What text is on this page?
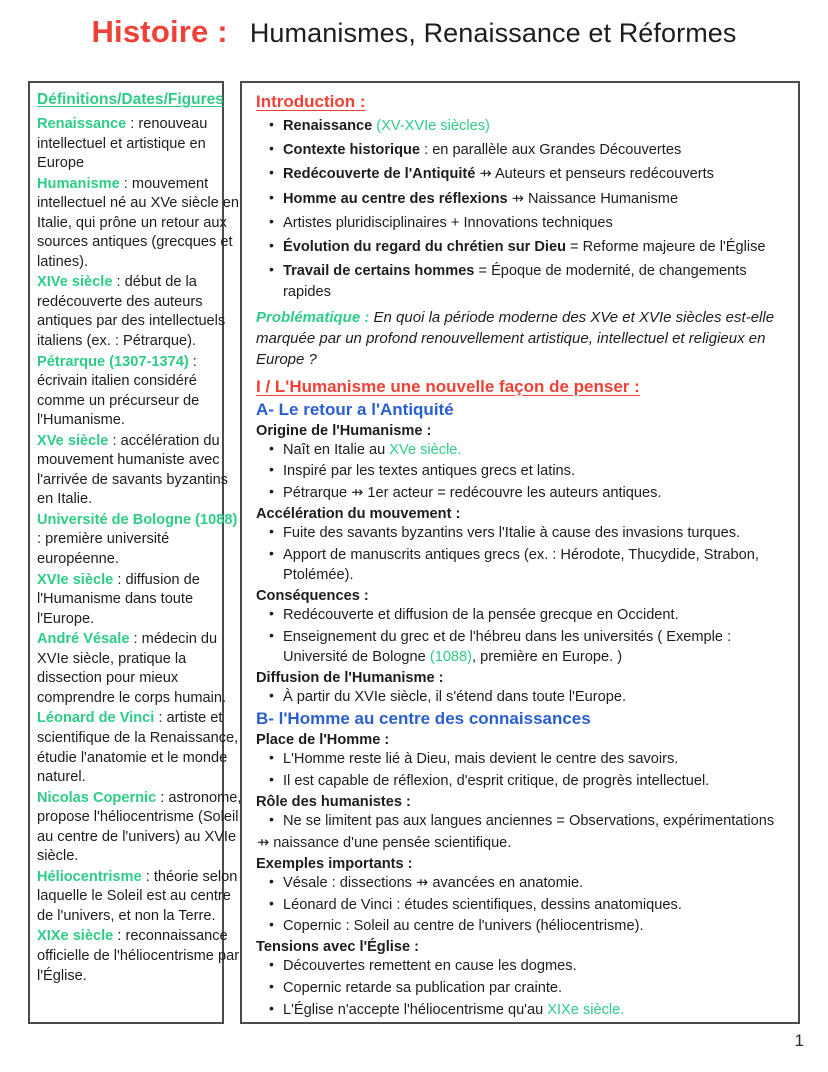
Histoire : Humanismes, Renaissance et Réformes
Définitions/Dates/Figures

Renaissance : renouveau intellectuel et artistique en Europe

Humanisme : mouvement intellectuel né au XVe siècle en Italie, qui prône un retour aux sources antiques (grecques et latines).

XIVe siècle : début de la redécouverte des auteurs antiques par des intellectuels italiens (ex. : Pétrarque).

Pétrarque (1307-1374) : écrivain italien considéré comme un précurseur de l'Humanisme.

XVe siècle : accélération du mouvement humaniste avec l'arrivée de savants byzantins en Italie.

Université de Bologne (1088) : première université européenne.

XVIe siècle : diffusion de l'Humanisme dans toute l'Europe.

André Vésale : médecin du XVIe siècle, pratique la dissection pour mieux comprendre le corps humain.

Léonard de Vinci : artiste et scientifique de la Renaissance, étudie l'anatomie et le monde naturel.

Nicolas Copernic : astronome, propose l'héliocentrisme (Soleil au centre de l'univers) au XVIe siècle.

Héliocentrisme : théorie selon laquelle le Soleil est au centre de l'univers, et non la Terre.

XIXe siècle : reconnaissance officielle de l'héliocentrisme par l'Église.

Introduction :
• Renaissance (XV-XVIe siècles)
• Contexte historique : en parallèle aux Grandes Découvertes
• Redécouverte de l'Antiquité ⇸ Auteurs et penseurs redécouverts
• Homme au centre des réflexions ⇸ Naissance Humanisme
• Artistes pluridisciplinaires + Innovations techniques
• Évolution du regard du chrétien sur Dieu = Reforme majeure de l'Église
• Travail de certains hommes = Époque de modernité, de changements rapides
Problématique : En quoi la période moderne des XVe et XVIe siècles est-elle marquée par un profond renouvellement artistique, intellectuel et religieux en Europe ?
I / L'Humanisme une nouvelle façon de penser :
A- Le retour a l'Antiquité
Origine de l'Humanisme :
• Naît en Italie au XVe siècle.
• Inspiré par les textes antiques grecs et latins.
• Pétrarque ⇸ 1er acteur = redécouvre les auteurs antiques.
Accélération du mouvement :
• Fuite des savants byzantins vers l'Italie à cause des invasions turques.
• Apport de manuscrits antiques grecs (ex. : Hérodote, Thucydide, Strabon, Ptolémée).
Conséquences :
• Redécouverte et diffusion de la pensée grecque en Occident.
• Enseignement du grec et de l'hébreu dans les universités ( Exemple : Université de Bologne (1088), première en Europe. )
Diffusion de l'Humanisme :
• À partir du XVIe siècle, il s'étend dans toute l'Europe.
B- l'Homme au centre des connaissances
Place de l'Homme :
• L'Homme reste lié à Dieu, mais devient le centre des savoirs.
• Il est capable de réflexion, d'esprit critique, de progrès intellectuel.
Rôle des humanistes :
• Ne se limitent pas aux langues anciennes = Observations, expérimentations
⇸ naissance d'une pensée scientifique.
Exemples importants :
• Vésale : dissections ⇸ avancées en anatomie.
• Léonard de Vinci : études scientifiques, dessins anatomiques.
• Copernic : Soleil au centre de l'univers (héliocentrisme).
Tensions avec l'Église :
• Découvertes remettent en cause les dogmes.
• Copernic retarde sa publication par crainte.
• L'Église n'accepte l'héliocentrisme qu'au XIXe siècle.
1
